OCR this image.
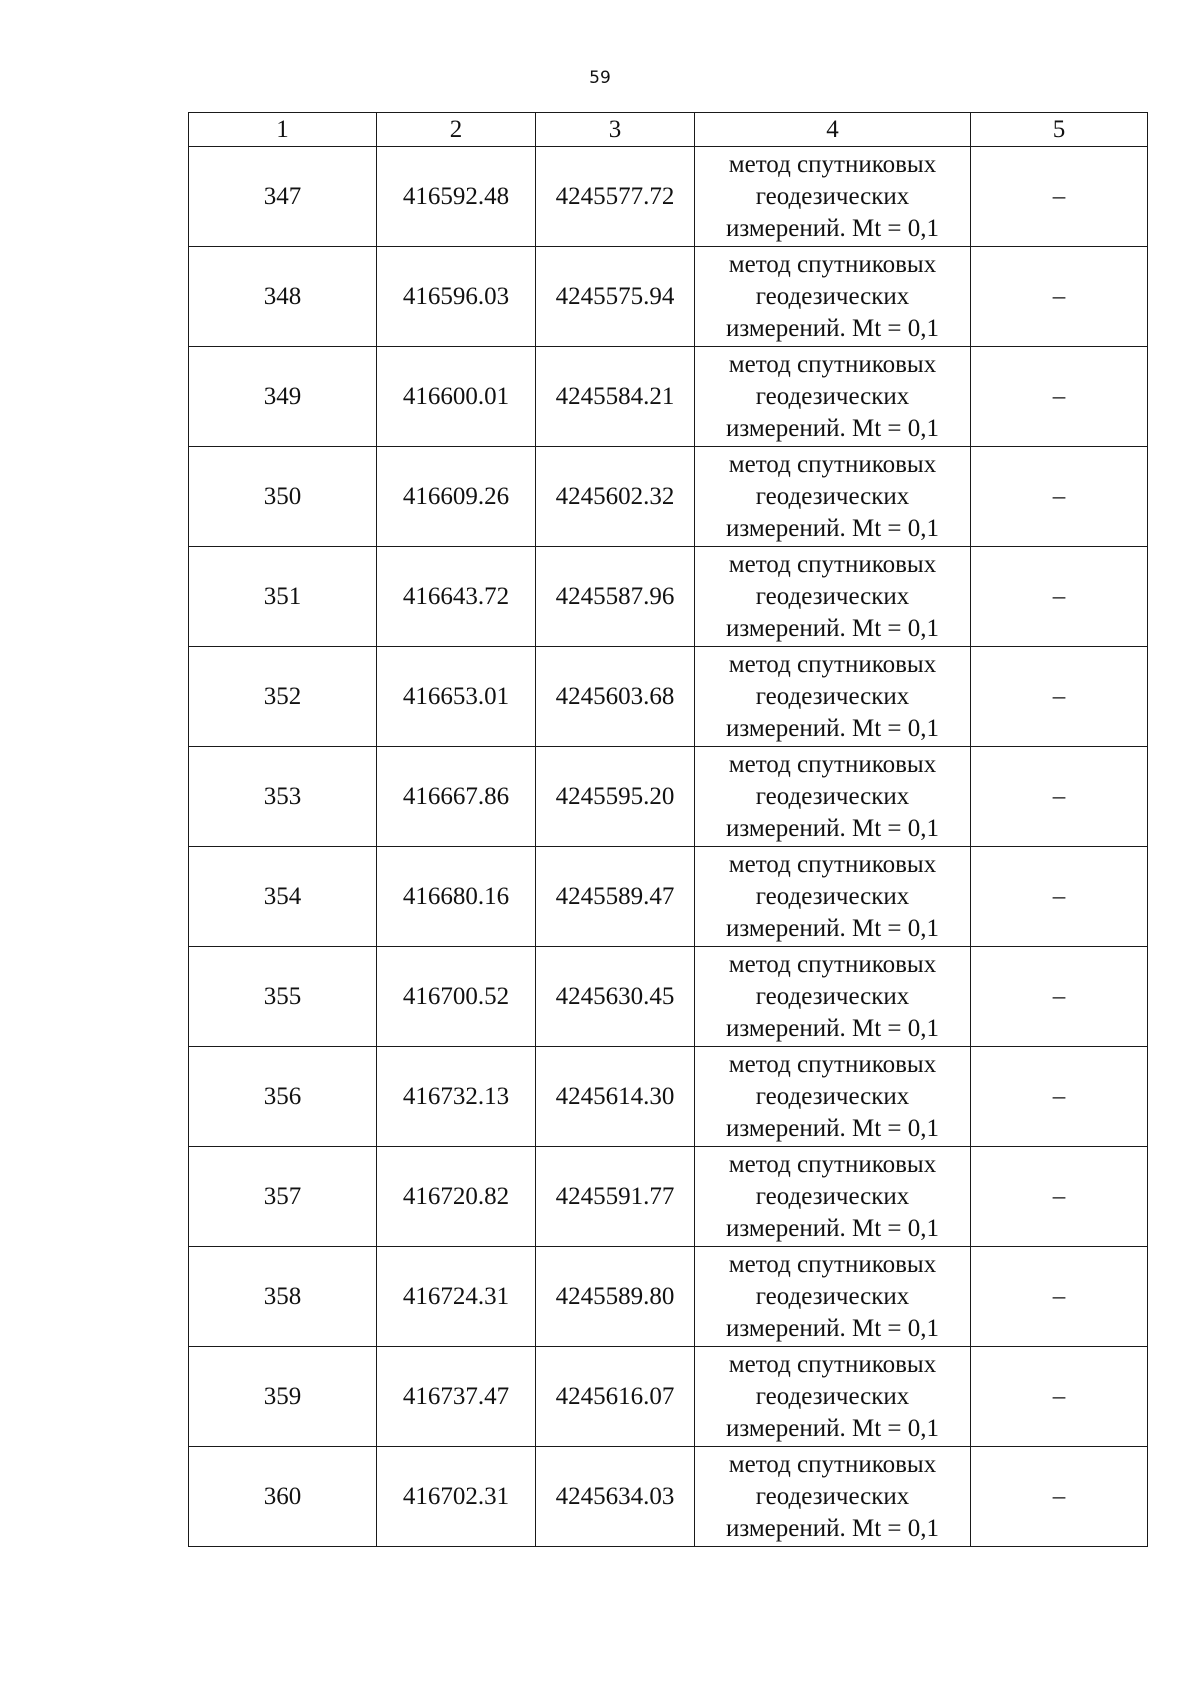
59
1	2	3	4	5
347	416592.48	4245577.72	метод спутниковых
геодезических
измерений. Mt = 0,1	–
348	416596.03	4245575.94	метод спутниковых
геодезических
измерений. Mt = 0,1	–
349	416600.01	4245584.21	метод спутниковых
геодезических
измерений. Mt = 0,1	–
350	416609.26	4245602.32	метод спутниковых
геодезических
измерений. Mt = 0,1	–
351	416643.72	4245587.96	метод спутниковых
геодезических
измерений. Mt = 0,1	–
352	416653.01	4245603.68	метод спутниковых
геодезических
измерений. Mt = 0,1	–
353	416667.86	4245595.20	метод спутниковых
геодезических
измерений. Mt = 0,1	–
354	416680.16	4245589.47	метод спутниковых
геодезических
измерений. Mt = 0,1	–
355	416700.52	4245630.45	метод спутниковых
геодезических
измерений. Mt = 0,1	–
356	416732.13	4245614.30	метод спутниковых
геодезических
измерений. Mt = 0,1	–
357	416720.82	4245591.77	метод спутниковых
геодезических
измерений. Mt = 0,1	–
358	416724.31	4245589.80	метод спутниковых
геодезических
измерений. Mt = 0,1	–
359	416737.47	4245616.07	метод спутниковых
геодезических
измерений. Mt = 0,1	–
360	416702.31	4245634.03	метод спутниковых
геодезических
измерений. Mt = 0,1	–
